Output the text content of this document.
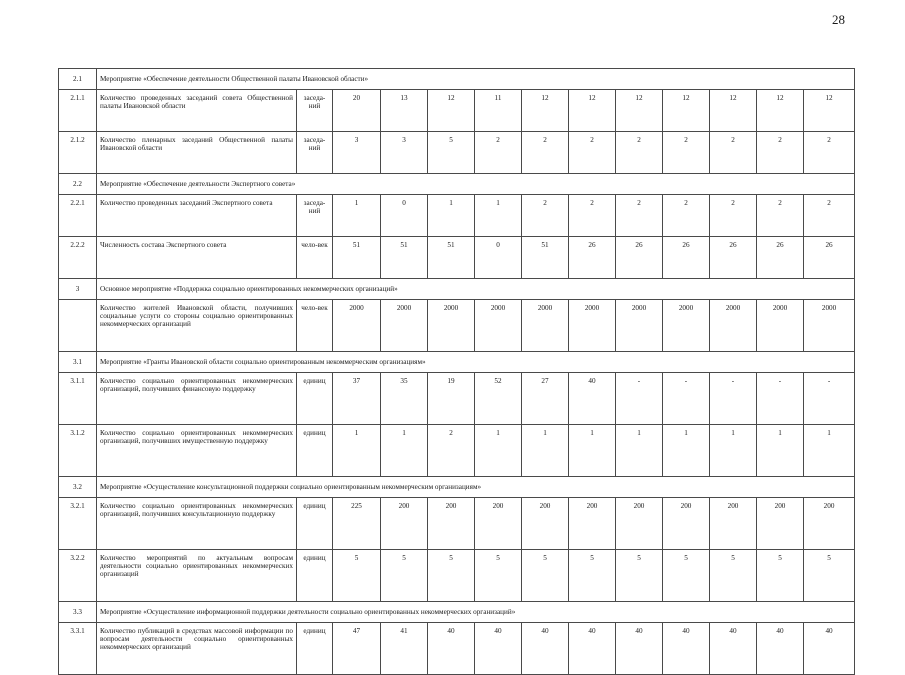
28
2.1	Мероприятие «Обеспечение деятельности Общественной палаты Ивановской области»												
2.1.1	Количество проведенных заседаний совета Общественной палаты Ивановской области	заседа-ний	20	13	12	11	12	12	12	12	12	12	12
2.1.2	Количество пленарных заседаний Общественной палаты Ивановской области	заседа-ний	3	3	5	2	2	2	2	2	2	2	2
2.2	Мероприятие «Обеспечение деятельности Экспертного совета»												
2.2.1	Количество проведенных заседаний Экспертного совета	заседа-ний	1	0	1	1	2	2	2	2	2	2	2
2.2.2	Численность состава Экспертного совета	чело-век	51	51	51	0	51	26	26	26	26	26	26
3	Основное мероприятие «Поддержка социально ориентированных некоммерческих организаций»												
	Количество жителей Ивановской области, получивших социальные услуги со стороны социально ориентированных некоммерческих организаций	чело-век	2000	2000	2000	2000	2000	2000	2000	2000	2000	2000	2000
3.1	Мероприятие «Гранты Ивановской области социально ориентированным некоммерческим организациям»												
3.1.1	Количество социально ориентированных некоммерческих организаций, получивших финансовую поддержку	единиц	37	35	19	52	27	40	-	-	-	-	-
3.1.2	Количество социально ориентированных некоммерческих организаций, получивших имущественную поддержку	единиц	1	1	2	1	1	1	1	1	1	1	1
3.2	Мероприятие «Осуществление консультационной поддержки социально ориентированным некоммерческим организациям»												
3.2.1	Количество социально ориентированных некоммерческих организаций, получивших консультационную поддержку	единиц	225	200	200	200	200	200	200	200	200	200	200
3.2.2	Количество мероприятий по актуальным вопросам деятельности социально ориентированных некоммерческих организаций	единиц	5	5	5	5	5	5	5	5	5	5	5
3.3	Мероприятие «Осуществление информационной поддержки деятельности социально ориентированных некоммерческих организаций»												
3.3.1	Количество публикаций в средствах массовой информации по вопросам деятельности социально ориентированных некоммерческих организаций	единиц	47	41	40	40	40	40	40	40	40	40	40
